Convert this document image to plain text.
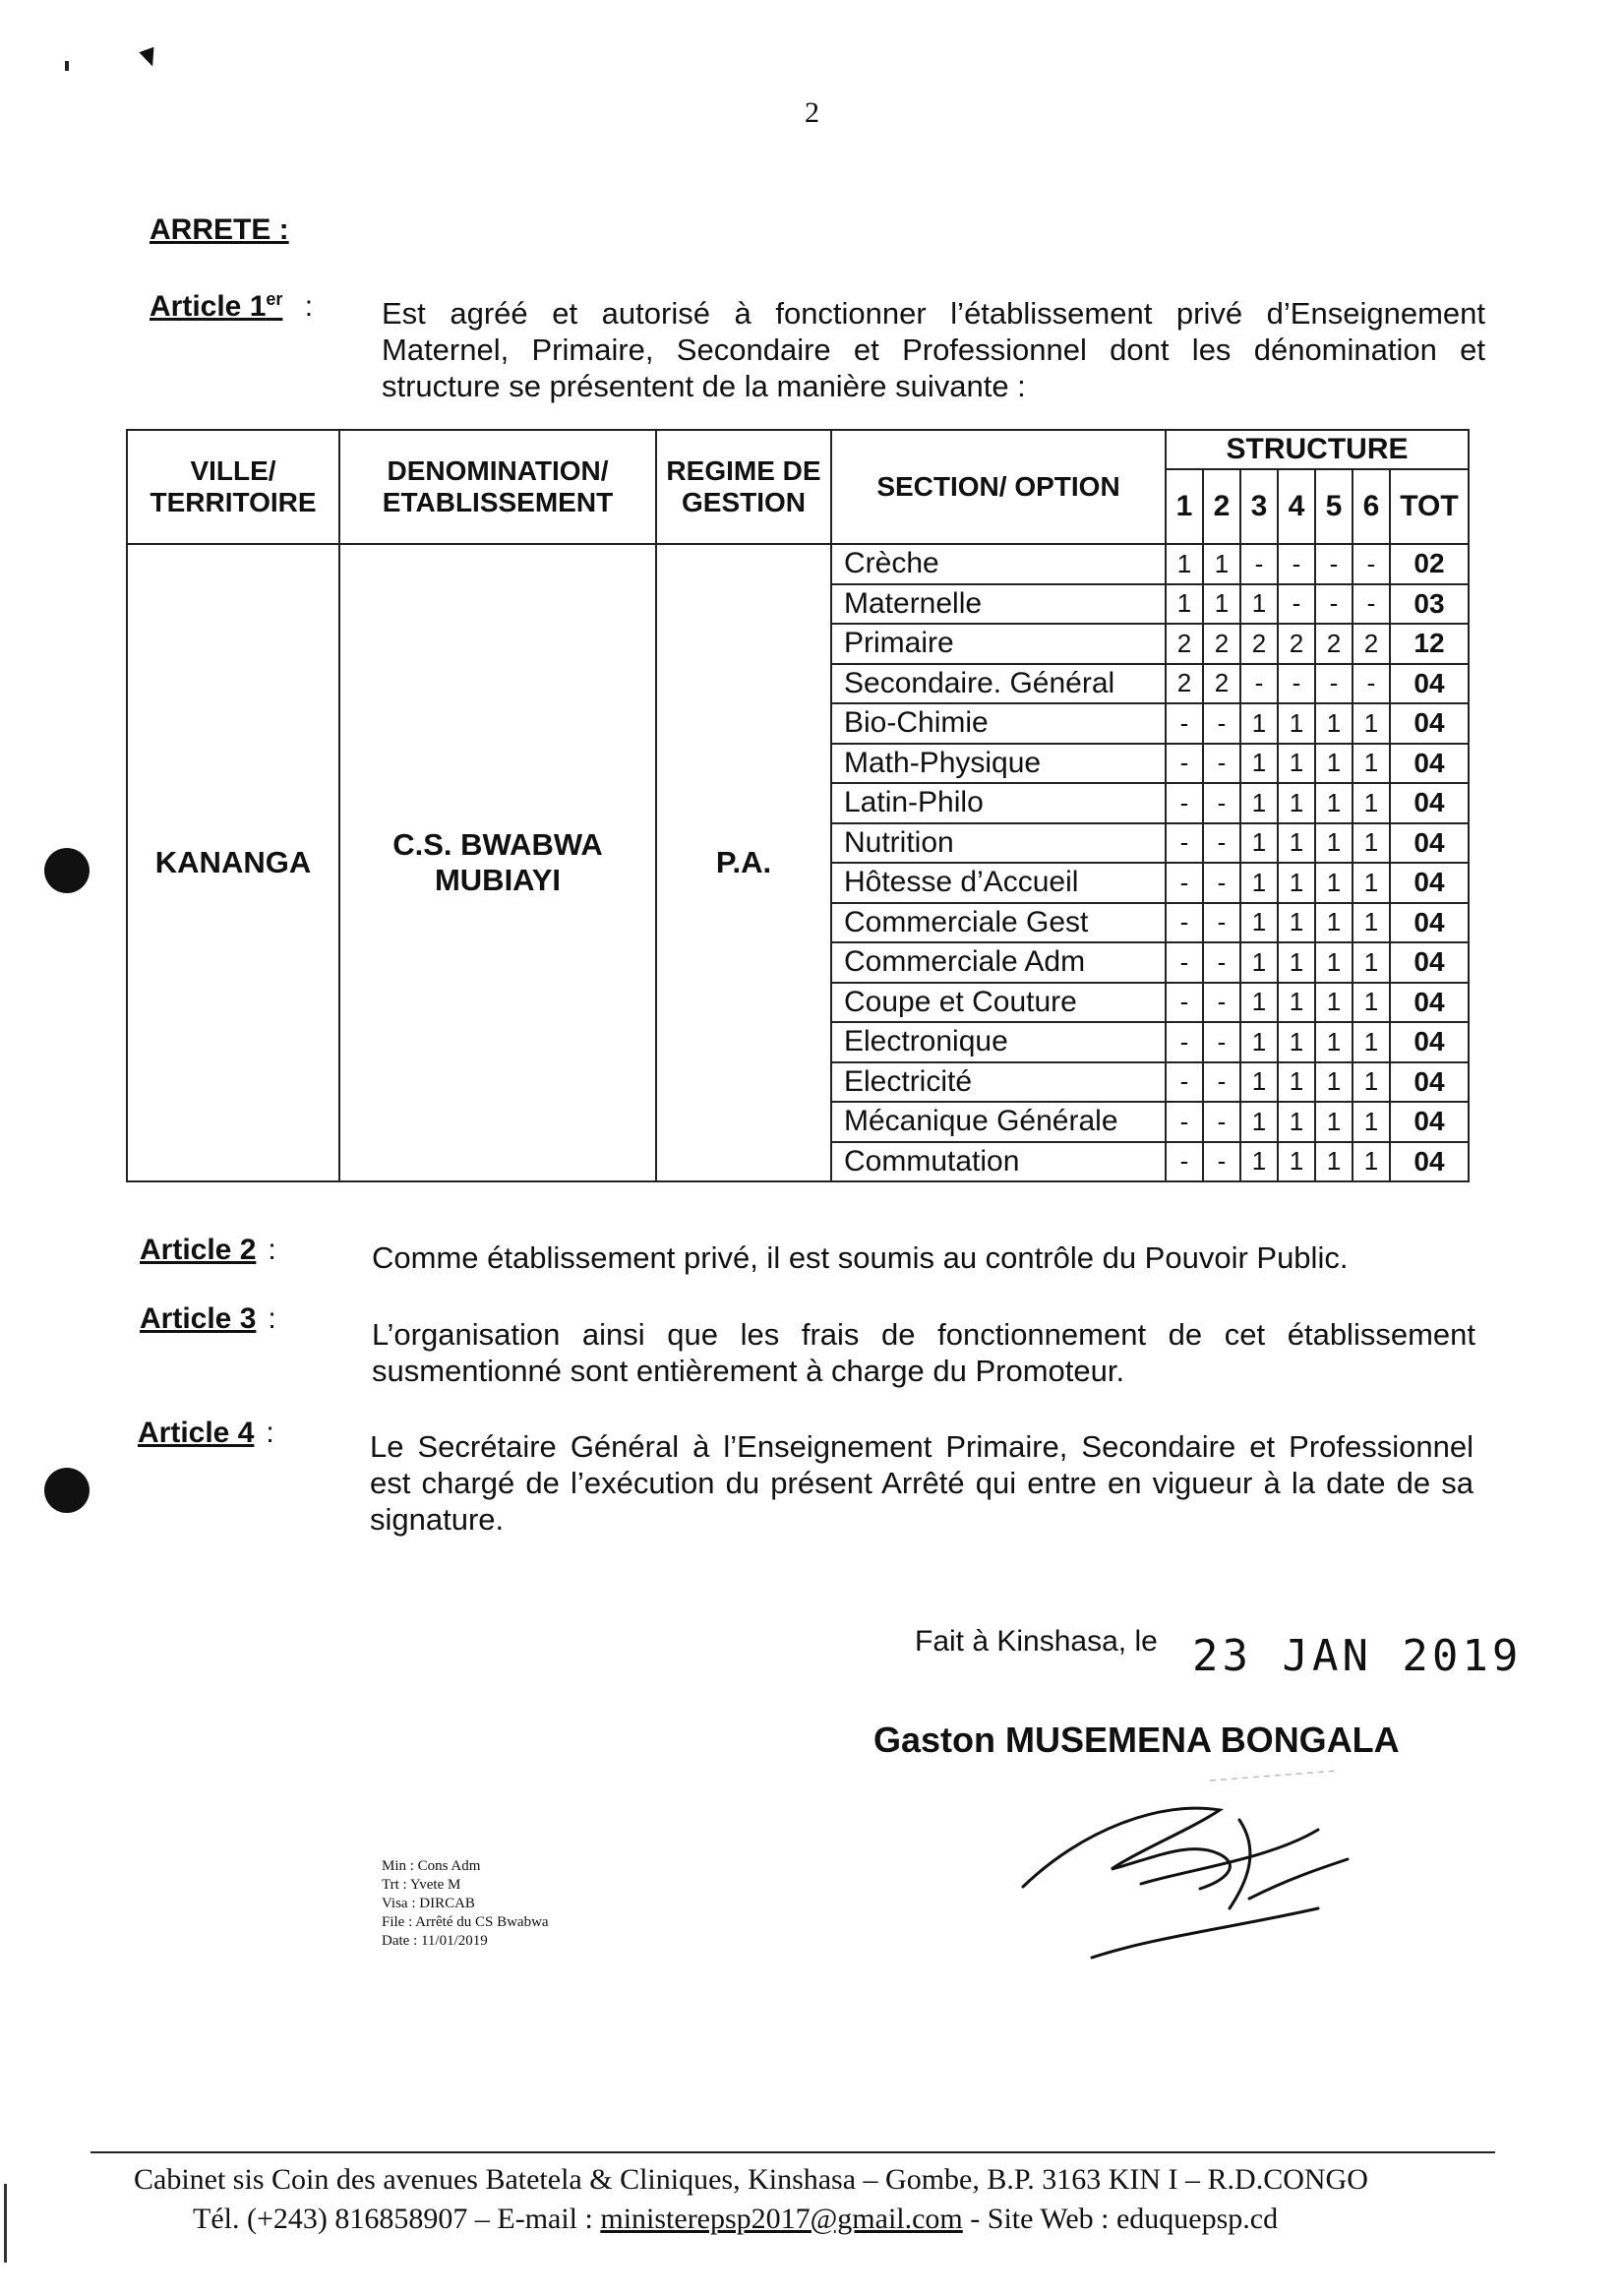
2
ARRETE :
Article 1er : Est agréé et autorisé à fonctionner l’établissement privé d’Enseignement Maternel, Primaire, Secondaire et Professionnel dont les dénomination et structure se présentent de la manière suivante :
VILLE/ TERRITOIRE	DENOMINATION/ ETABLISSEMENT	REGIME DE GESTION	SECTION/ OPTION	STRUCTURE						
				1	2	3	4	5	6	TOT
KANANGA	C.S. BWABWA MUBIAYI	P.A.	Crèche	1	1	-	-	-	-	02
			Maternelle	1	1	1	-	-	-	03
			Primaire	2	2	2	2	2	2	12
			Secondaire. Général	2	2	-	-	-	-	04
			Bio-Chimie	-	-	1	1	1	1	04
			Math-Physique	-	-	1	1	1	1	04
			Latin-Philo	-	-	1	1	1	1	04
			Nutrition	-	-	1	1	1	1	04
			Hôtesse d’Accueil	-	-	1	1	1	1	04
			Commerciale Gest	-	-	1	1	1	1	04
			Commerciale Adm	-	-	1	1	1	1	04
			Coupe et Couture	-	-	1	1	1	1	04
			Electronique	-	-	1	1	1	1	04
			Electricité	-	-	1	1	1	1	04
			Mécanique Générale	-	-	1	1	1	1	04
			Commutation	-	-	1	1	1	1	04
Article 2 :	Comme établissement privé, il est soumis au contrôle du Pouvoir Public.
Article 3 :	L’organisation ainsi que les frais de fonctionnement de cet établissement susmentionné sont entièrement à charge du Promoteur.
Article 4 :	Le Secrétaire Général à l’Enseignement Primaire, Secondaire et Professionnel est chargé de l’exécution du présent Arrêté qui entre en vigueur à la date de sa signature.
Fait à Kinshasa, le 23 JAN 2019
Gaston MUSEMENA BONGALA
Min : Cons Adm
Trt : Yvete M
Visa : DIRCAB
File : Arrêté du CS Bwabwa
Date : 11/01/2019
Cabinet sis Coin des avenues Batetela & Cliniques, Kinshasa – Gombe, B.P. 3163 KIN I – R.D.CONGO
Tél. (+243) 816858907 – E-mail : ministerepsp2017@gmail.com - Site Web : eduquepsp.cd
